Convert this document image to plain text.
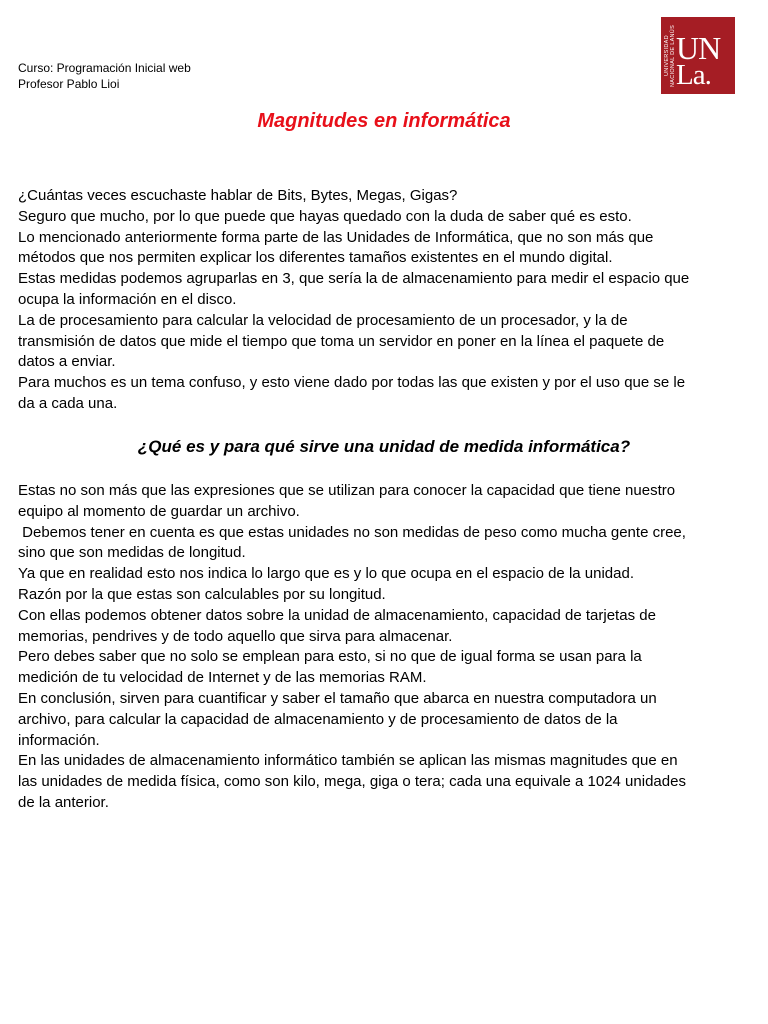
Curso: Programación Inicial web
Profesor Pablo Lioi
UNIVERSIDAD NACIONAL DE LANÚS UN
La.
Magnitudes en informática

¿Cuántas veces escuchaste hablar de Bits, Bytes, Megas, Gigas?

Seguro que mucho, por lo que puede que hayas quedado con la duda de saber qué es esto.

Lo mencionado anteriormente forma parte de las Unidades de Informática, que no son más que

métodos que nos permiten explicar los diferentes tamaños existentes en el mundo digital.

Estas medidas podemos agruparlas en 3, que sería la de almacenamiento para medir el espacio que

ocupa la información en el disco.

La de procesamiento para calcular la velocidad de procesamiento de un procesador, y la de

transmisión de datos que mide el tiempo que toma un servidor en poner en la línea el paquete de

datos a enviar.

Para muchos es un tema confuso, y esto viene dado por todas las que existen y por el uso que se le

da a cada una.

¿Qué es y para qué sirve una unidad de medida informática?

Estas no son más que las expresiones que se utilizan para conocer la capacidad que tiene nuestro

equipo al momento de guardar un archivo.

Debemos tener en cuenta es que estas unidades no son medidas de peso como mucha gente cree,

sino que son medidas de longitud.

Ya que en realidad esto nos indica lo largo que es y lo que ocupa en el espacio de la unidad.

Razón por la que estas son calculables por su longitud.

Con ellas podemos obtener datos sobre la unidad de almacenamiento, capacidad de tarjetas de

memorias, pendrives y de todo aquello que sirva para almacenar.

Pero debes saber que no solo se emplean para esto, si no que de igual forma se usan para la

medición de tu velocidad de Internet y de las memorias RAM.

En conclusión, sirven para cuantificar y saber el tamaño que abarca en nuestra computadora un

archivo, para calcular la capacidad de almacenamiento y de procesamiento de datos de la

información.

En las unidades de almacenamiento informático también se aplican las mismas magnitudes que en

las unidades de medida física, como son kilo, mega, giga o tera; cada una equivale a 1024 unidades

de la anterior.
